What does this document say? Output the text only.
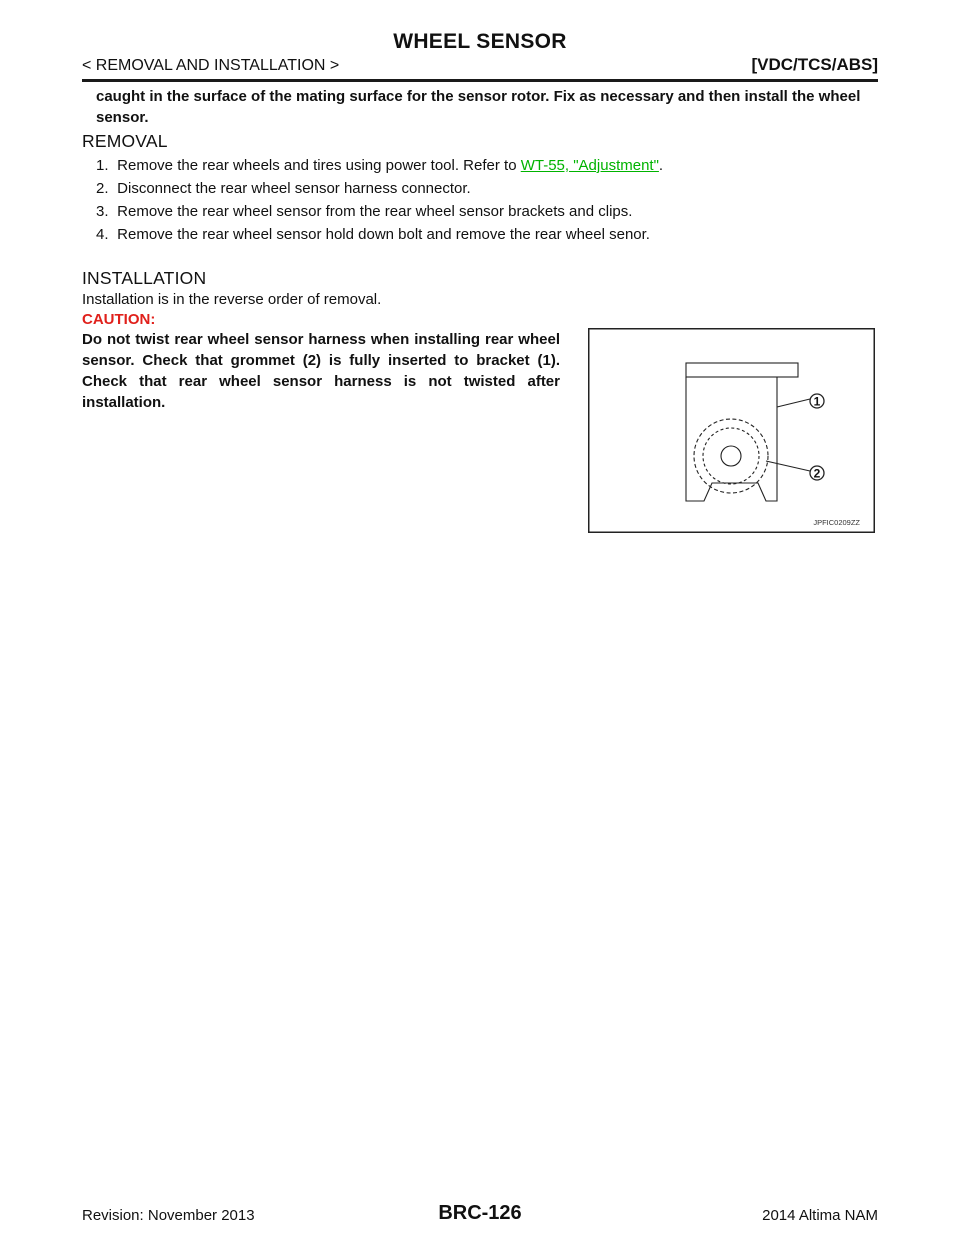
WHEEL SENSOR
< REMOVAL AND INSTALLATION >	[VDC/TCS/ABS]
caught in the surface of the mating surface for the sensor rotor. Fix as necessary and then install the wheel sensor.
REMOVAL
1. Remove the rear wheels and tires using power tool. Refer to WT-55, "Adjustment".
2. Disconnect the rear wheel sensor harness connector.
3. Remove the rear wheel sensor from the rear wheel sensor brackets and clips.
4. Remove the rear wheel sensor hold down bolt and remove the rear wheel senor.
INSTALLATION
Installation is in the reverse order of removal.
CAUTION:
Do not twist rear wheel sensor harness when installing rear wheel sensor. Check that grommet (2) is fully inserted to bracket (1). Check that rear wheel sensor harness is not twisted after installation.	1
2
JPFIC0209ZZ
Revision: November 2013	BRC-126	2014 Altima NAM
